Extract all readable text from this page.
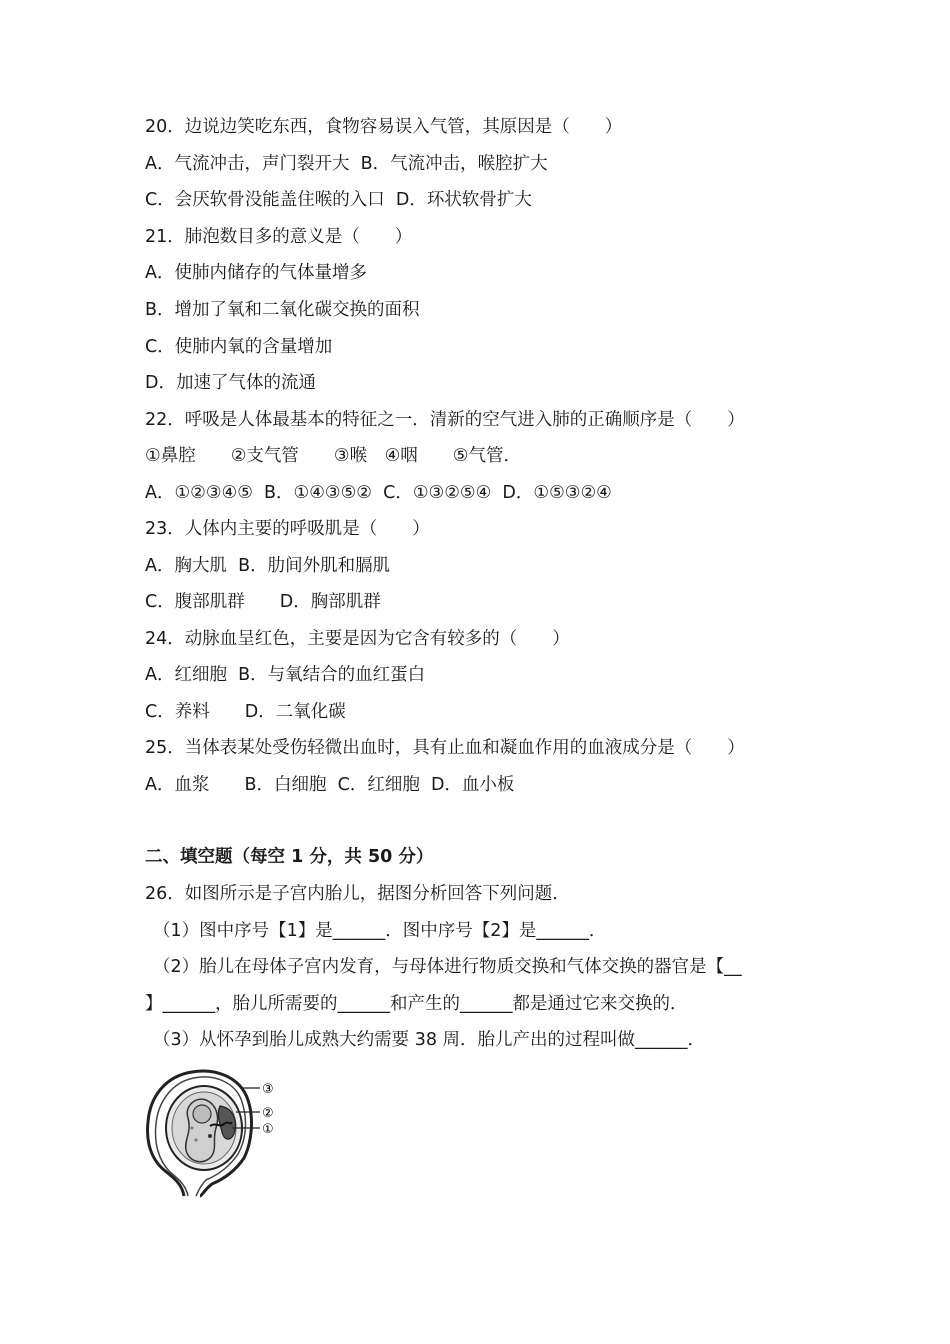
20．边说边笑吃东西，食物容易误入气管，其原因是（　　）
A．气流冲击，声门裂开大  B．气流冲击，喉腔扩大
C．会厌软骨没能盖住喉的入口  D．环状软骨扩大
21．肺泡数目多的意义是（　　）
A．使肺内储存的气体量增多
B．增加了氧和二氧化碳交换的面积
C．使肺内氧的含量增加
D．加速了气体的流通
22．呼吸是人体最基本的特征之一．清新的空气进入肺的正确顺序是（　　）
①鼻腔　　②支气管　　③喉　④咽　　⑤气管．
A．①②③④⑤  B．①④③⑤②  C．①③②⑤④  D．①⑤③②④
23．人体内主要的呼吸肌是（　　）
A．胸大肌  B．肋间外肌和膈肌
C．腹部肌群　　D．胸部肌群
24．动脉血呈红色，主要是因为它含有较多的（　　）
A．红细胞  B．与氧结合的血红蛋白
C．养料　　D．二氧化碳
25．当体表某处受伤轻微出血时，具有止血和凝血作用的血液成分是（　　）
A．血浆　　B．白细胞  C．红细胞  D．血小板
二、填空题（每空 1 分，共 50 分）
26．如图所示是子宫内胎儿，据图分析回答下列问题．
（1）图中序号【1】是______．图中序号【2】是______．
（2）胎儿在母体子宫内发育，与母体进行物质交换和气体交换的器官是【__
】______，胎儿所需要的______和产生的______都是通过它来交换的．
（3）从怀孕到胎儿成熟大约需要 38 周．胎儿产出的过程叫做______．
③
②
①
